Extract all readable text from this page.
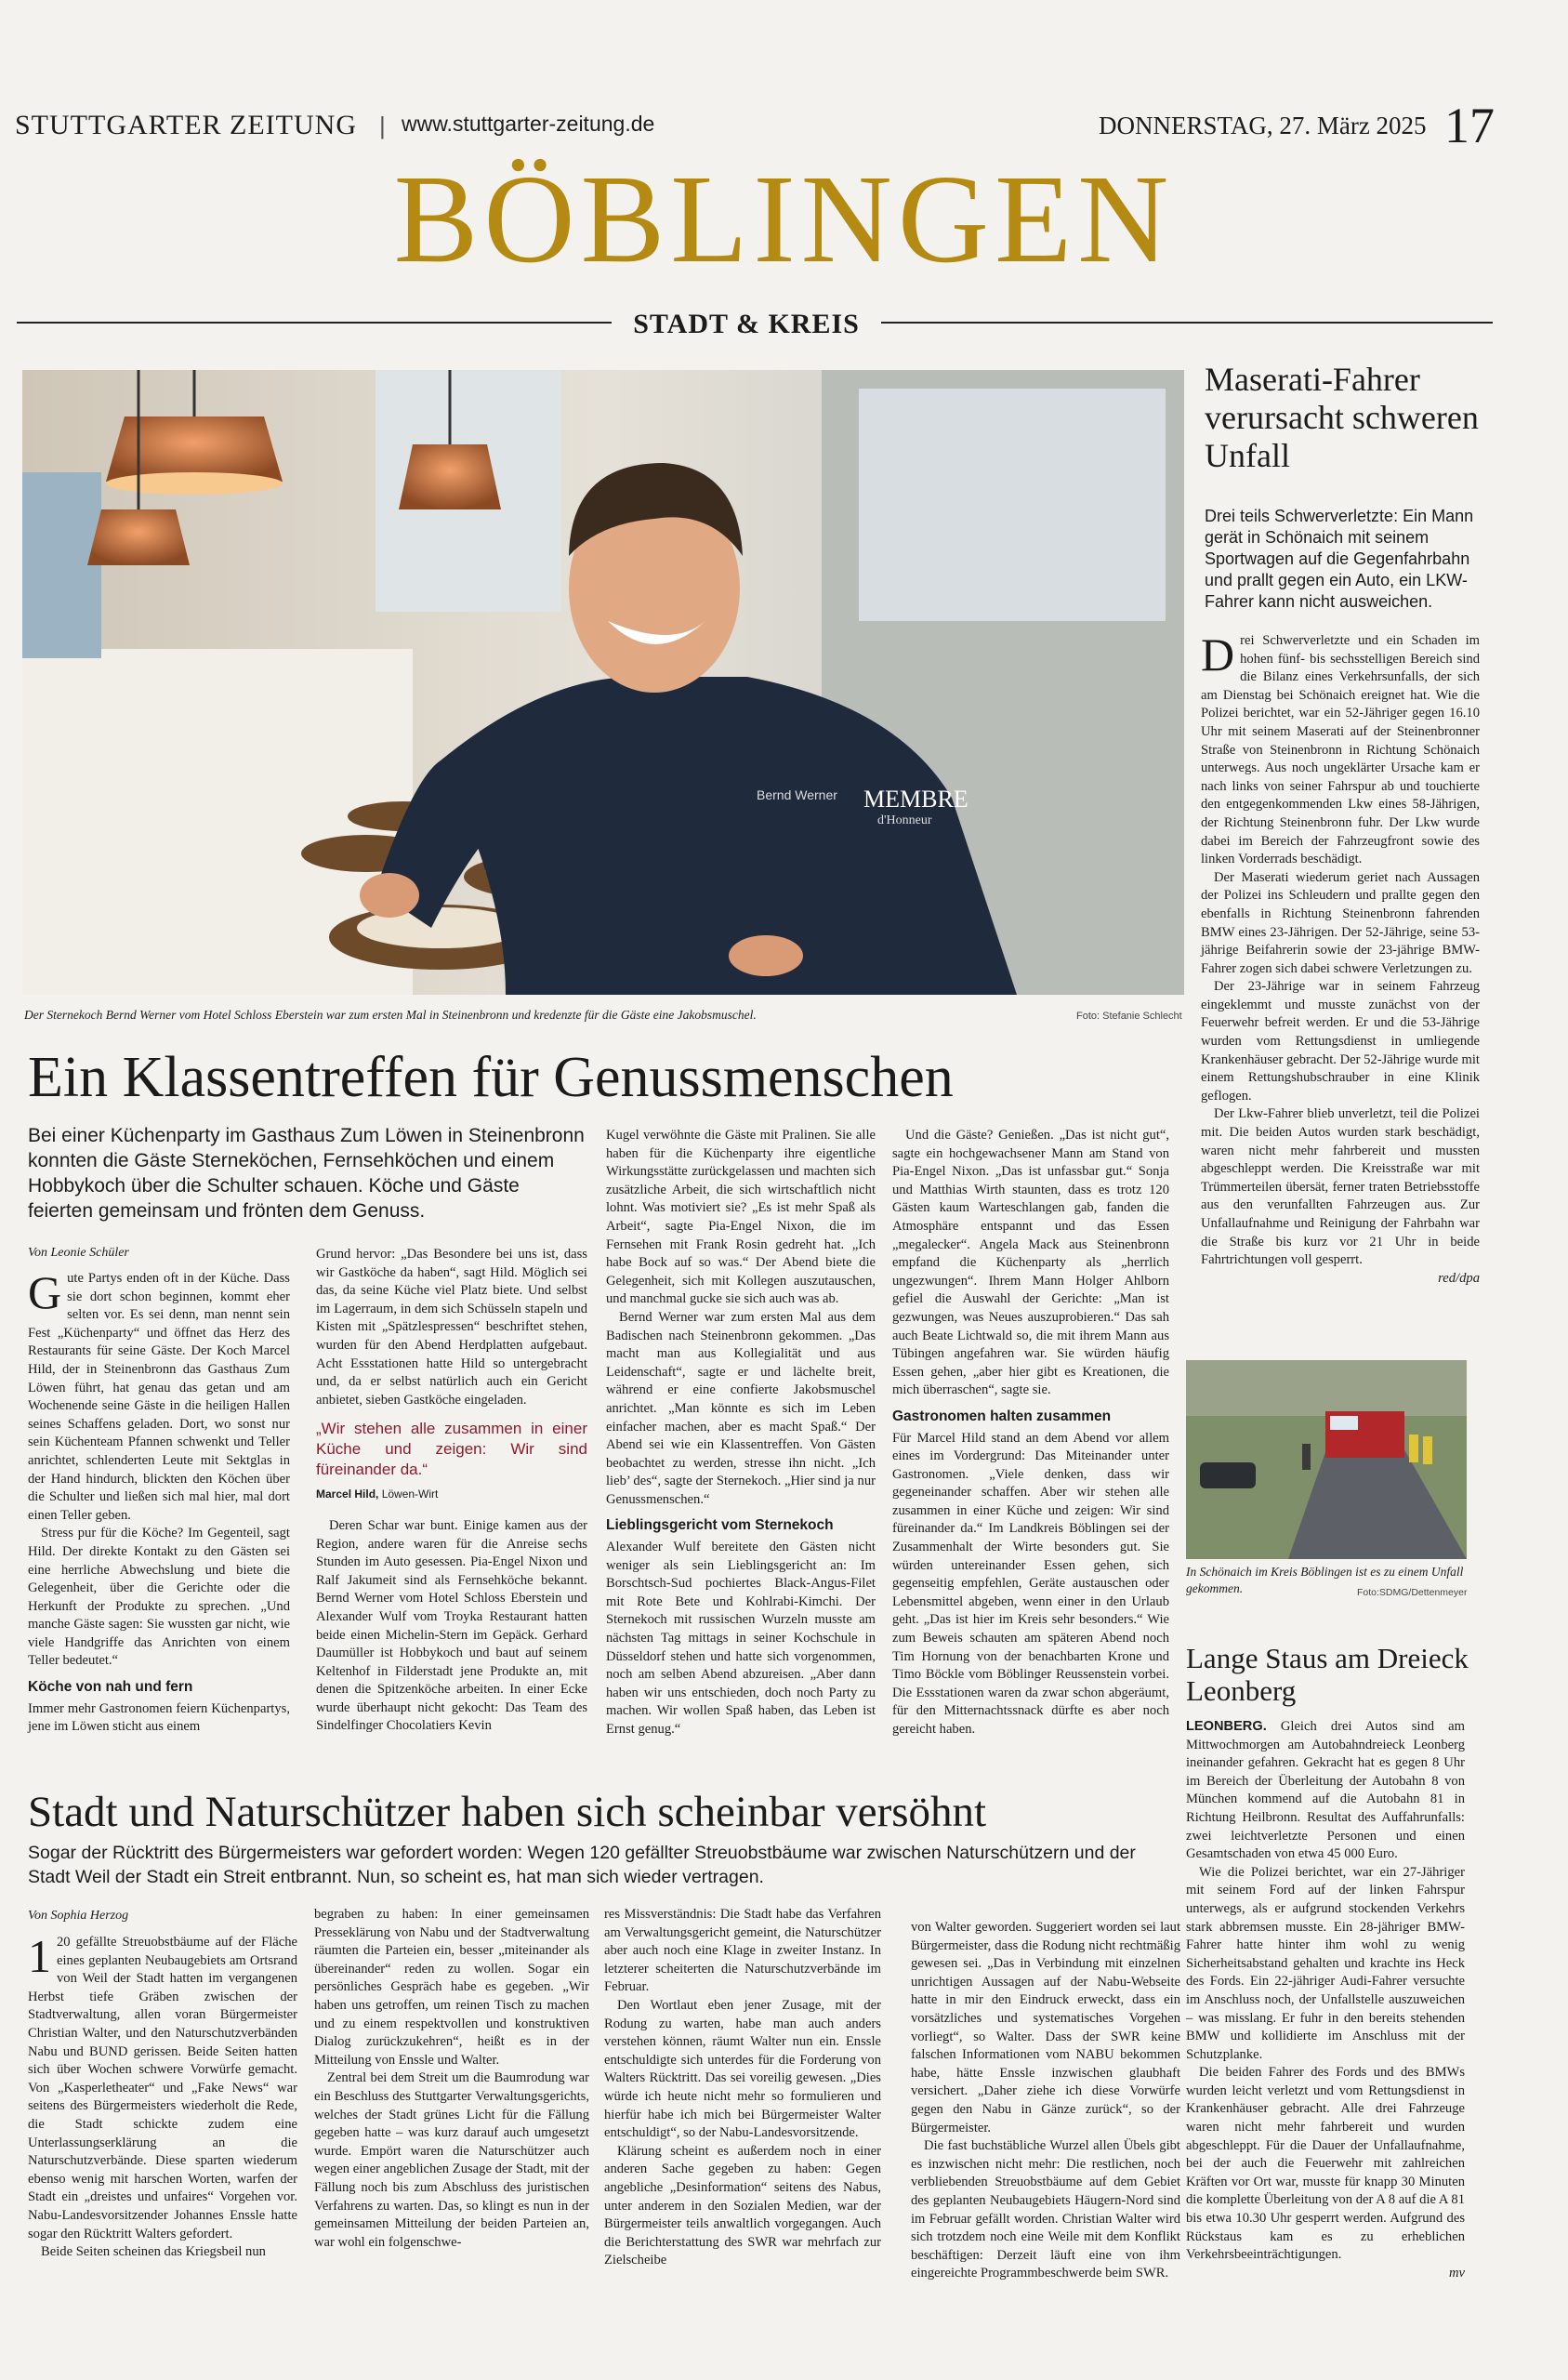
STUTTGARTER ZEITUNG | www.stuttgarter-zeitung.de	DONNERSTAG, 27. März 2025 17
BÖBLINGEN
STADT & KREIS
MEMBRE
d'Honneur
Bernd Werner
Der Sternekoch Bernd Werner vom Hotel Schloss Eberstein war zum ersten Mal in Steinenbronn und kredenzte für die Gäste eine Jakobsmuschel.	Foto: Stefanie Schlecht
Ein Klassentreffen für Genussmenschen
Bei einer Küchenparty im Gasthaus Zum Löwen in Steinenbronn konnten die Gäste Sterneköchen, Fernsehköchen und einem Hobbykoch über die Schulter schauen. Köche und Gäste feierten gemeinsam und frönten dem Genuss.
Von Leonie Schüler

Gute Partys enden oft in der Küche. Dass sie dort schon beginnen, kommt eher selten vor. Es sei denn, man nennt sein Fest „Küchenparty“ und öffnet das Herz des Restaurants für seine Gäste. Der Koch Marcel Hild, der in Steinenbronn das Gasthaus Zum Löwen führt, hat genau das getan und am Wochenende seine Gäste in die heiligen Hallen seines Schaffens geladen. Dort, wo sonst nur sein Küchenteam Pfannen schwenkt und Teller anrichtet, schlenderten Leute mit Sektglas in der Hand hindurch, blickten den Köchen über die Schulter und ließen sich mal hier, mal dort einen Teller geben.

Stress pur für die Köche? Im Gegenteil, sagt Hild. Der direkte Kontakt zu den Gästen sei eine herrliche Abwechslung und biete die Gelegenheit, über die Gerichte oder die Herkunft der Produkte zu sprechen. „Und manche Gäste sagen: Sie wussten gar nicht, wie viele Handgriffe das Anrichten von einem Teller bedeutet.“

Köche von nah und fern

Immer mehr Gastronomen feiern Küchenpartys, jene im Löwen sticht aus einem

Grund hervor: „Das Besondere bei uns ist, dass wir Gastköche da haben“, sagt Hild. Möglich sei das, da seine Küche viel Platz biete. Und selbst im Lagerraum, in dem sich Schüsseln stapeln und Kisten mit „Spätzlespressen“ beschriftet stehen, wurden für den Abend Herdplatten aufgebaut. Acht Essstationen hatte Hild so untergebracht und, da er selbst natürlich auch ein Gericht anbietet, sieben Gastköche eingeladen.

„Wir stehen alle zusammen in einer Küche und zeigen: Wir sind füreinander da.“
Marcel Hild, Löwen-Wirt

Deren Schar war bunt. Einige kamen aus der Region, andere waren für die Anreise sechs Stunden im Auto gesessen. Pia-Engel Nixon und Ralf Jakumeit sind als Fernsehköche bekannt. Bernd Werner vom Hotel Schloss Eberstein und Alexander Wulf vom Troyka Restaurant hatten beide einen Michelin-Stern im Gepäck. Gerhard Daumüller ist Hobbykoch und baut auf seinem Keltenhof in Filderstadt jene Produkte an, mit denen die Spitzenköche arbeiten. In einer Ecke wurde überhaupt nicht gekocht: Das Team des Sindelfinger Chocolatiers Kevin

Kugel verwöhnte die Gäste mit Pralinen. Sie alle haben für die Küchenparty ihre eigentliche Wirkungsstätte zurückgelassen und machten sich zusätzliche Arbeit, die sich wirtschaftlich nicht lohnt. Was motiviert sie? „Es ist mehr Spaß als Arbeit“, sagte Pia-Engel Nixon, die im Fernsehen mit Frank Rosin gedreht hat. „Ich habe Bock auf so was.“ Der Abend biete die Gelegenheit, sich mit Kollegen auszutauschen, und manchmal gucke sie sich auch was ab.

Bernd Werner war zum ersten Mal aus dem Badischen nach Steinenbronn gekommen. „Das macht man aus Kollegialität und aus Leidenschaft“, sagte er und lächelte breit, während er eine confierte Jakobsmuschel anrichtet. „Man könnte es sich im Leben einfacher machen, aber es macht Spaß.“ Der Abend sei wie ein Klassentreffen. Von Gästen beobachtet zu werden, stresse ihn nicht. „Ich lieb’ des“, sagte der Sternekoch. „Hier sind ja nur Genussmenschen.“

Lieblingsgericht vom Sternekoch

Alexander Wulf bereitete den Gästen nicht weniger als sein Lieblingsgericht an: Im Borschtsch-Sud pochiertes Black-Angus-Filet mit Rote Bete und Kohlrabi-Kimchi. Der Sternekoch mit russischen Wurzeln musste am nächsten Tag mittags in seiner Kochschule in Düsseldorf stehen und hatte sich vorgenommen, noch am selben Abend abzureisen. „Aber dann haben wir uns entschieden, doch noch Party zu machen. Wir wollen Spaß haben, das Leben ist Ernst genug.“

Und die Gäste? Genießen. „Das ist nicht gut“, sagte ein hochgewachsener Mann am Stand von Pia-Engel Nixon. „Das ist unfassbar gut.“ Sonja und Matthias Wirth staunten, dass es trotz 120 Gästen kaum Warteschlangen gab, fanden die Atmosphäre entspannt und das Essen „megalecker“. Angela Mack aus Steinenbronn empfand die Küchenparty als „herrlich ungezwungen“. Ihrem Mann Holger Ahlborn gefiel die Auswahl der Gerichte: „Man ist gezwungen, was Neues auszuprobieren.“ Das sah auch Beate Lichtwald so, die mit ihrem Mann aus Tübingen angefahren war. Sie würden häufig Essen gehen, „aber hier gibt es Kreationen, die mich überraschen“, sagte sie.

Gastronomen halten zusammen

Für Marcel Hild stand an dem Abend vor allem eines im Vordergrund: Das Miteinander unter Gastronomen. „Viele denken, dass wir gegeneinander schaffen. Aber wir stehen alle zusammen in einer Küche und zeigen: Wir sind füreinander da.“ Im Landkreis Böblingen sei der Zusammenhalt der Wirte besonders gut. Sie würden untereinander Essen gehen, sich gegenseitig empfehlen, Geräte austauschen oder Lebensmittel abgeben, wenn einer in den Urlaub geht. „Das ist hier im Kreis sehr besonders.“ Wie zum Beweis schauten am späteren Abend noch Tim Hornung von der benachbarten Krone und Timo Böckle vom Böblinger Reussenstein vorbei. Die Essstationen waren da zwar schon abgeräumt, für den Mitternachtssnack dürfte es aber noch gereicht haben.

Maserati-Fahrer verursacht schweren Unfall
Drei teils Schwerverletzte: Ein Mann gerät in Schönaich mit seinem Sportwagen auf die Gegenfahrbahn und prallt gegen ein Auto, ein LKW-Fahrer kann nicht ausweichen.

Drei Schwerverletzte und ein Schaden im hohen fünf- bis sechsstelligen Bereich sind die Bilanz eines Verkehrsunfalls, der sich am Dienstag bei Schönaich ereignet hat. Wie die Polizei berichtet, war ein 52-Jähriger gegen 16.10 Uhr mit seinem Maserati auf der Steinenbronner Straße von Steinenbronn in Richtung Schönaich unterwegs. Aus noch ungeklärter Ursache kam er nach links von seiner Fahrspur ab und touchierte den entgegenkommenden Lkw eines 58-Jährigen, der Richtung Steinenbronn fuhr. Der Lkw wurde dabei im Bereich der Fahrzeugfront sowie des linken Vorderrads beschädigt.

Der Maserati wiederum geriet nach Aussagen der Polizei ins Schleudern und prallte gegen den ebenfalls in Richtung Steinenbronn fahrenden BMW eines 23-Jährigen. Der 52-Jährige, seine 53-jährige Beifahrerin sowie der 23-jährige BMW-Fahrer zogen sich dabei schwere Verletzungen zu.

Der 23-Jährige war in seinem Fahrzeug eingeklemmt und musste zunächst von der Feuerwehr befreit werden. Er und die 53-Jährige wurden vom Rettungsdienst in umliegende Krankenhäuser gebracht. Der 52-Jährige wurde mit einem Rettungshubschrauber in eine Klinik geflogen.

Der Lkw-Fahrer blieb unverletzt, teil die Polizei mit. Die beiden Autos wurden stark beschädigt, waren nicht mehr fahrbereit und mussten abgeschleppt werden. Die Kreisstraße war mit Trümmerteilen übersät, ferner traten Betriebsstoffe aus den verunfallten Fahrzeugen aus. Zur Unfallaufnahme und Reinigung der Fahrbahn war die Straße bis kurz vor 21 Uhr in beide Fahrtrichtungen voll gesperrt.

red/dpa

In Schönaich im Kreis Böblingen ist es zu einem Unfall gekommen.	Foto:SDMG/Dettenmeyer
Lange Staus am Dreieck Leonberg

LEONBERG. Gleich drei Autos sind am Mittwochmorgen am Autobahndreieck Leonberg ineinander gefahren. Gekracht hat es gegen 8 Uhr im Bereich der Überleitung der Autobahn 8 von München kommend auf die Autobahn 81 in Richtung Heilbronn. Resultat des Auffahrunfalls: zwei leichtverletzte Personen und einen Gesamtschaden von etwa 45 000 Euro.

Wie die Polizei berichtet, war ein 27-Jähriger mit seinem Ford auf der linken Fahrspur unterwegs, als er aufgrund stockenden Verkehrs stark abbremsen musste. Ein 28-jähriger BMW-Fahrer hatte hinter ihm wohl zu wenig Sicherheitsabstand gehalten und krachte ins Heck des Fords. Ein 22-jähriger Audi-Fahrer versuchte im Anschluss noch, der Unfallstelle auszuweichen – was misslang. Er fuhr in den bereits stehenden BMW und kollidierte im Anschluss mit der Schutzplanke.

Die beiden Fahrer des Fords und des BMWs wurden leicht verletzt und vom Rettungsdienst in Krankenhäuser gebracht. Alle drei Fahrzeuge waren nicht mehr fahrbereit und wurden abgeschleppt. Für die Dauer der Unfallaufnahme, bei der auch die Feuerwehr mit zahlreichen Kräften vor Ort war, musste für knapp 30 Minuten die komplette Überleitung von der A 8 auf die A 81 bis etwa 10.30 Uhr gesperrt werden. Aufgrund des Rückstaus kam es zu erheblichen Verkehrsbeeinträchtigungen.

mv

Stadt und Naturschützer haben sich scheinbar versöhnt
Sogar der Rücktritt des Bürgermeisters war gefordert worden: Wegen 120 gefällter Streuobstbäume war zwischen Naturschützern und der Stadt Weil der Stadt ein Streit entbrannt. Nun, so scheint es, hat man sich wieder vertragen.
Von Sophia Herzog

1 20 gefällte Streuobstbäume auf der Fläche eines geplanten Neubaugebiets am Ortsrand von Weil der Stadt hatten im vergangenen Herbst tiefe Gräben zwischen der Stadtverwaltung, allen voran Bürgermeister Christian Walter, und den Naturschutzverbänden Nabu und BUND gerissen. Beide Seiten hatten sich über Wochen schwere Vorwürfe gemacht. Von „Kasperletheater“ und „Fake News“ war seitens des Bürgermeisters wiederholt die Rede, die Stadt schickte zudem eine Unterlassungserklärung an die Naturschutzverbände. Diese sparten wiederum ebenso wenig mit harschen Worten, warfen der Stadt ein „dreistes und unfaires“ Vorgehen vor. Nabu-Landesvorsitzender Johannes Enssle hatte sogar den Rücktritt Walters gefordert.

Beide Seiten scheinen das Kriegsbeil nun

begraben zu haben: In einer gemeinsamen Presseklärung von Nabu und der Stadtverwaltung räumten die Parteien ein, besser „miteinander als übereinander“ reden zu wollen. Sogar ein persönliches Gespräch habe es gegeben. „Wir haben uns getroffen, um reinen Tisch zu machen und zu einem respektvollen und konstruktiven Dialog zurückzukehren“, heißt es in der Mitteilung von Enssle und Walter.

Zentral bei dem Streit um die Baumrodung war ein Beschluss des Stuttgarter Verwaltungsgerichts, welches der Stadt grünes Licht für die Fällung gegeben hatte – was kurz darauf auch umgesetzt wurde. Empört waren die Naturschützer auch wegen einer angeblichen Zusage der Stadt, mit der Fällung noch bis zum Abschluss des juristischen Verfahrens zu warten. Das, so klingt es nun in der gemeinsamen Mitteilung der beiden Parteien an, war wohl ein folgenschwe-

res Missverständnis: Die Stadt habe das Verfahren am Verwaltungsgericht gemeint, die Naturschützer aber auch noch eine Klage in zweiter Instanz. In letzterer scheiterten die Naturschutzverbände im Februar.

Den Wortlaut eben jener Zusage, mit der Rodung zu warten, habe man auch anders verstehen können, räumt Walter nun ein. Enssle entschuldigte sich unterdes für die Forderung von Walters Rücktritt. Das sei voreilig gewesen. „Dies würde ich heute nicht mehr so formulieren und hierfür habe ich mich bei Bürgermeister Walter entschuldigt“, so der Nabu-Landesvorsitzende.

Klärung scheint es außerdem noch in einer anderen Sache gegeben zu haben: Gegen angebliche „Desinformation“ seitens des Nabus, unter anderem in den Sozialen Medien, war der Bürgermeister teils anwaltlich vorgegangen. Auch die Berichterstattung des SWR war mehrfach zur Zielscheibe

von Walter geworden. Suggeriert worden sei laut Bürgermeister, dass die Rodung nicht rechtmäßig gewesen sei. „Das in Verbindung mit einzelnen unrichtigen Aussagen auf der Nabu-Webseite hatte in mir den Eindruck erweckt, dass ein vorsätzliches und systematisches Vorgehen vorliegt“, so Walter. Dass der SWR keine falschen Informationen vom NABU bekommen habe, hätte Enssle inzwischen glaubhaft versichert. „Daher ziehe ich diese Vorwürfe gegen den Nabu in Gänze zurück“, so der Bürgermeister.

Die fast buchstäbliche Wurzel allen Übels gibt es inzwischen nicht mehr: Die restlichen, noch verbliebenden Streuobstbäume auf dem Gebiet des geplanten Neubaugebiets Häugern-Nord sind im Februar gefällt worden. Christian Walter wird sich trotzdem noch eine Weile mit dem Konflikt beschäftigen: Derzeit läuft eine von ihm eingereichte Programmbeschwerde beim SWR.
